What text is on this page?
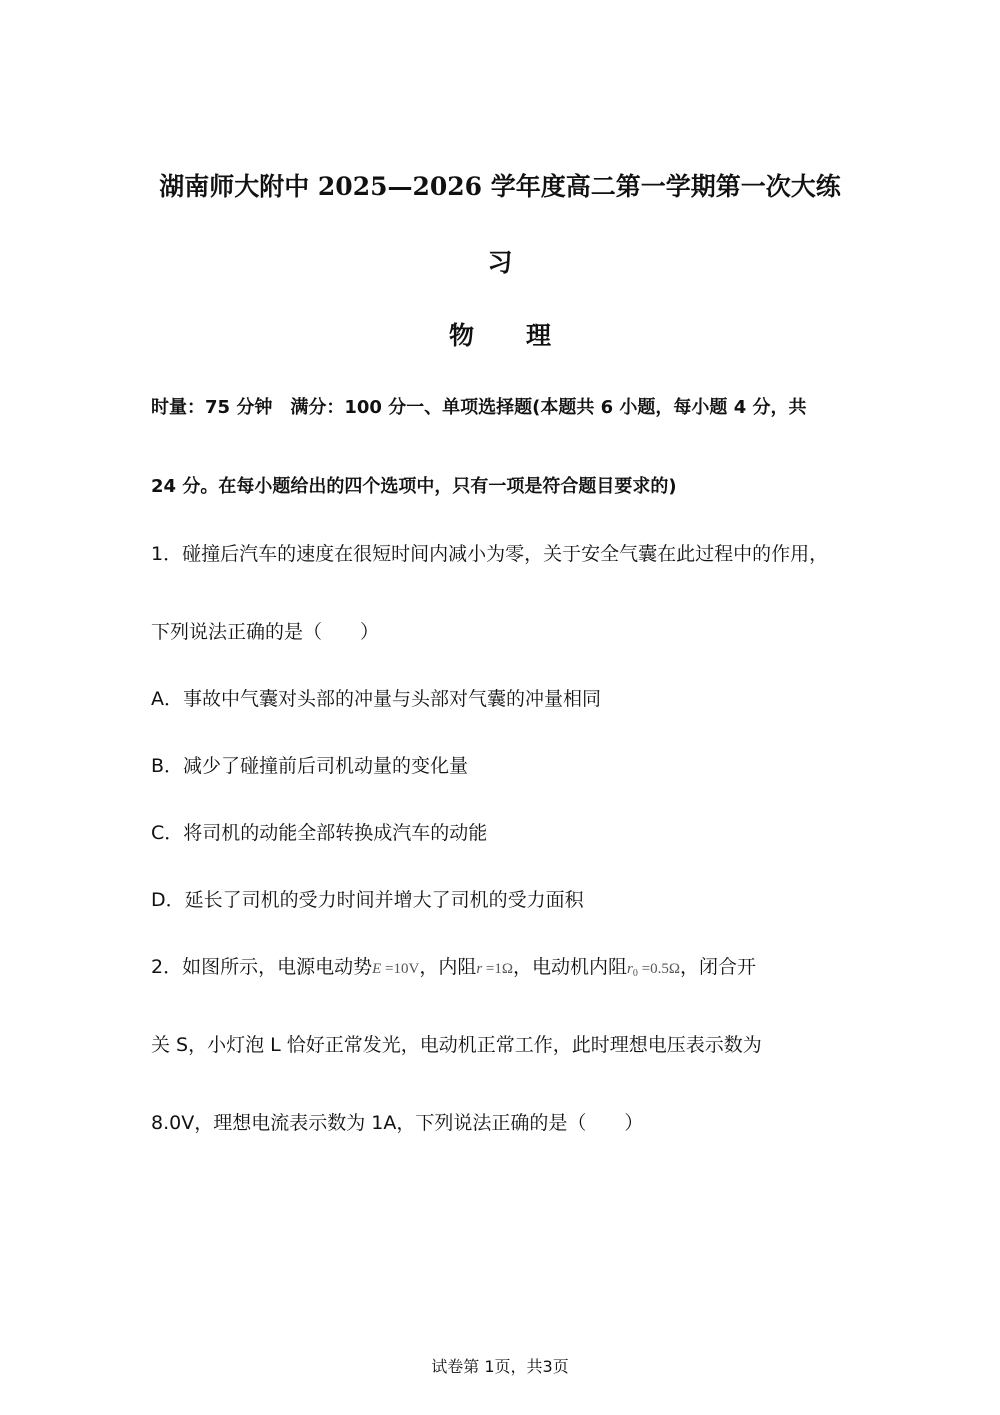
湖南师大附中 2025—2026 学年度高二第一学期第一次大练
习
物理
时量：75 分钟　满分：100 分一、单项选择题(本题共 6 小题，每小题 4 分，共
24 分。在每小题给出的四个选项中，只有一项是符合题目要求的)
1．碰撞后汽车的速度在很短时间内减小为零，关于安全气囊在此过程中的作用，
下列说法正确的是（　　）
A．事故中气囊对头部的冲量与头部对气囊的冲量相同
B．减少了碰撞前后司机动量的变化量
C．将司机的动能全部转换成汽车的动能
D．延长了司机的受力时间并增大了司机的受力面积
2．如图所示，电源电动势E =10V，内阻r =1Ω，电动机内阻$r_0 =0.5\Omega$，闭合开
关 S，小灯泡 L 恰好正常发光，电动机正常工作，此时理想电压表示数为
8.0V，理想电流表示数为 1A，下列说法正确的是（　　）
试卷第 1页，共3页
